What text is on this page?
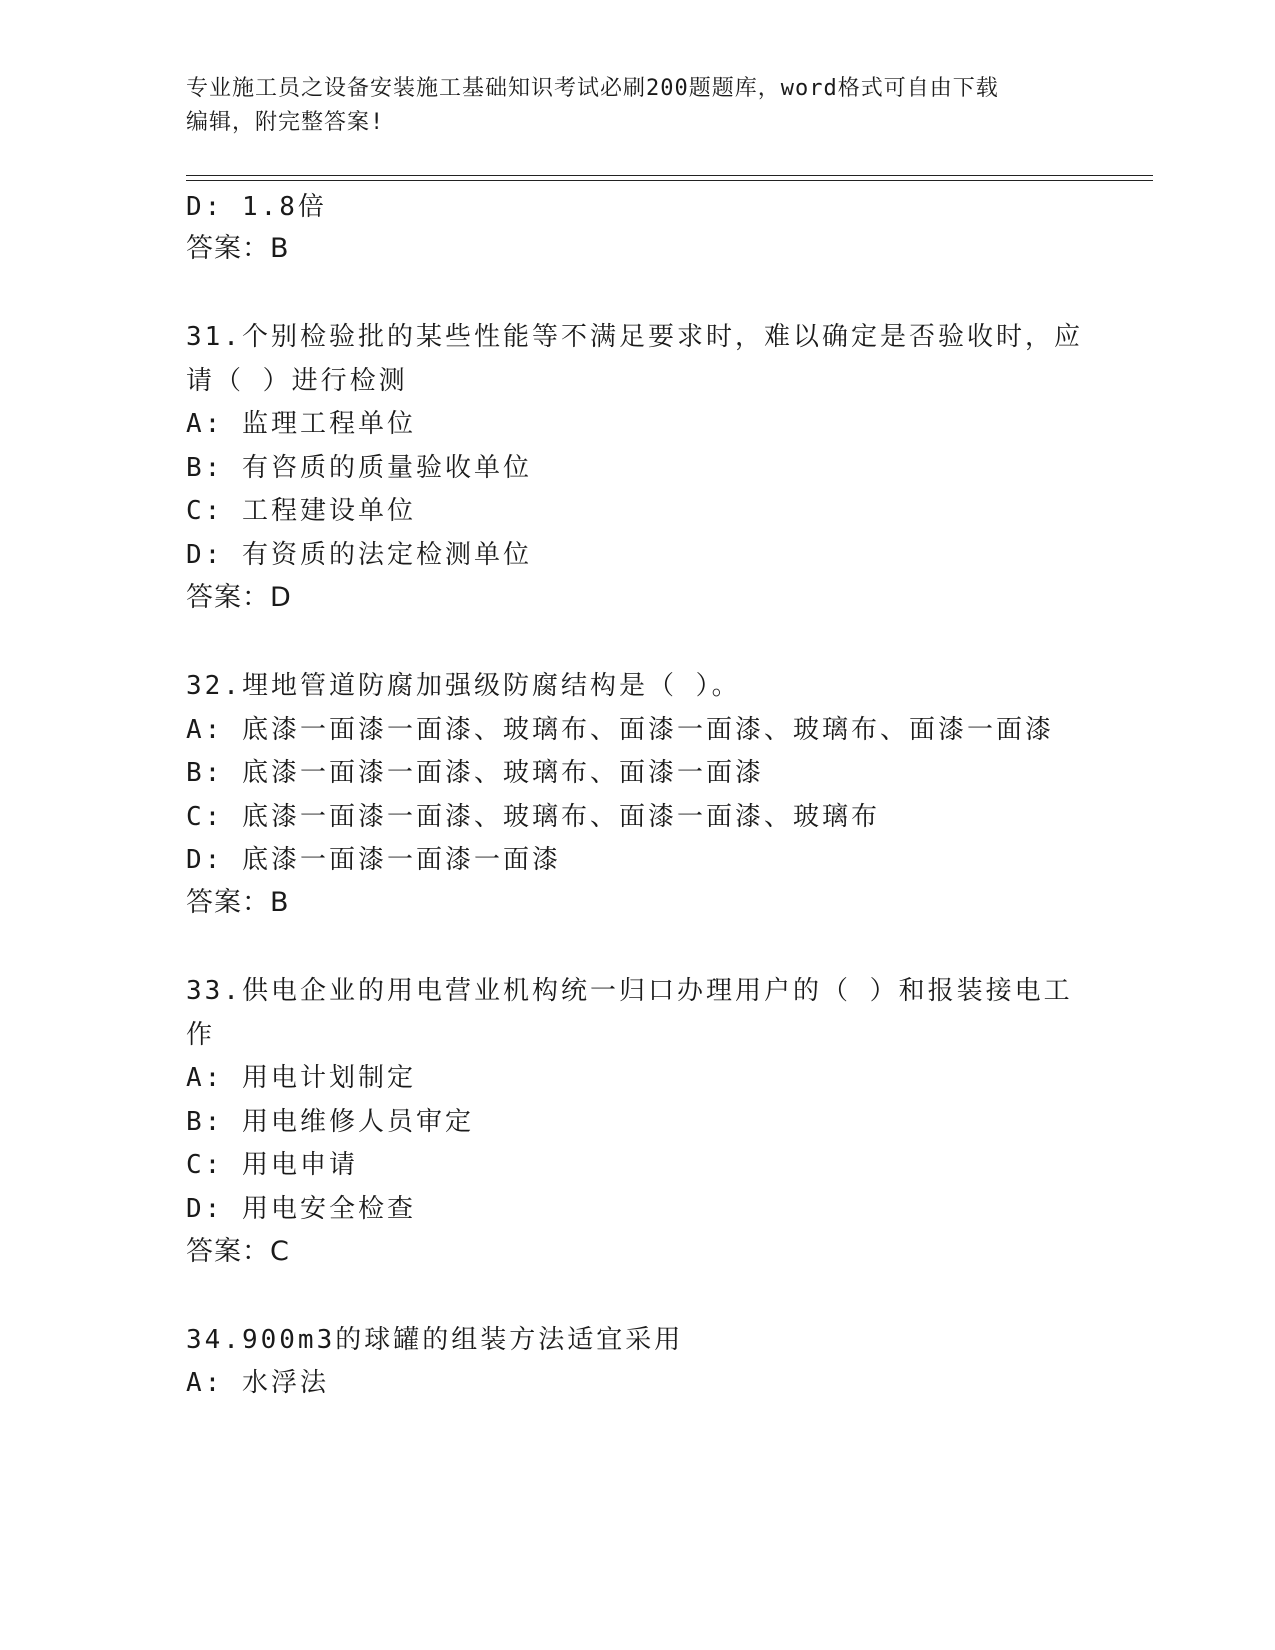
专业施工员之设备安装施工基础知识考试必刷200题题库，word格式可自由下载
编辑，附完整答案!
D: 1.8倍
答案：B
31.个别检验批的某些性能等不满足要求时，难以确定是否验收时，应
请（ ）进行检测
A: 监理工程单位
B: 有咨质的质量验收单位
C: 工程建设单位
D: 有资质的法定检测单位
答案：D
32.埋地管道防腐加强级防腐结构是（ ）。
A: 底漆一面漆一面漆、玻璃布、面漆一面漆、玻璃布、面漆一面漆
B: 底漆一面漆一面漆、玻璃布、面漆一面漆
C: 底漆一面漆一面漆、玻璃布、面漆一面漆、玻璃布
D: 底漆一面漆一面漆一面漆
答案：B
33.供电企业的用电营业机构统一归口办理用户的（ ）和报装接电工
作
A: 用电计划制定
B: 用电维修人员审定
C: 用电申请
D: 用电安全检查
答案：C
34.900m3的球罐的组装方法适宜采用
A: 水浮法
